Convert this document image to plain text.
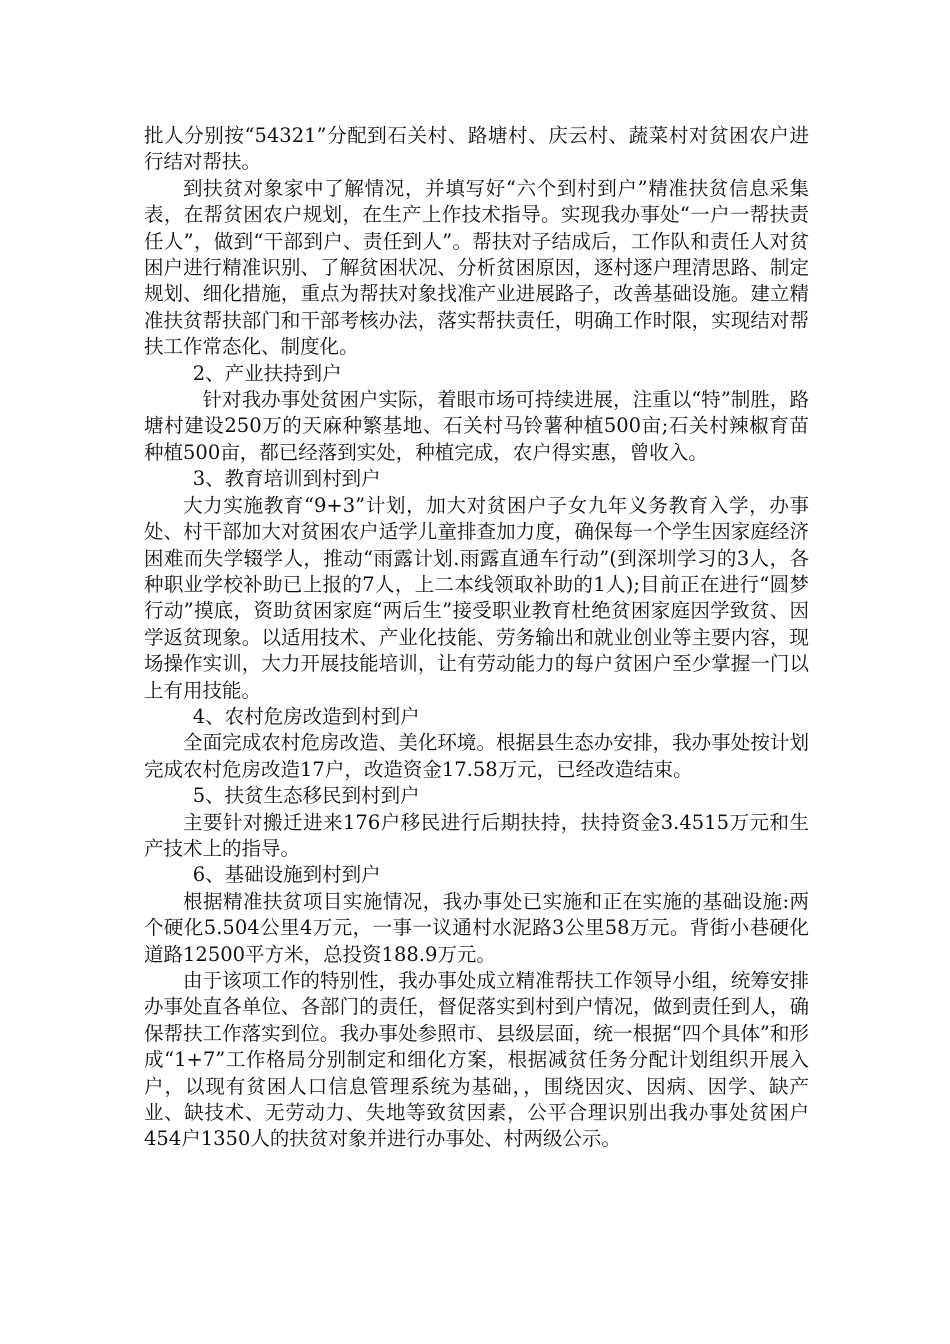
批人分别按“54321”分配到石关村、路塘村、庆云村、蔬菜村对贫困农户进行结对帮扶。

到扶贫对象家中了解情况，并填写好“六个到村到户”精准扶贫信息采集表，在帮贫困农户规划，在生产上作技术指导。实现我办事处“一户一帮扶责任人”，做到“干部到户、责任到人”。帮扶对子结成后，工作队和责任人对贫困户进行精准识别、了解贫困状况、分析贫困原因，逐村逐户理清思路、制定规划、细化措施，重点为帮扶对象找准产业进展路子，改善基础设施。建立精准扶贫帮扶部门和干部考核办法，落实帮扶责任，明确工作时限，实现结对帮扶工作常态化、制度化。

2、产业扶持到户

针对我办事处贫困户实际，着眼市场可持续进展，注重以“特”制胜，路塘村建设250万的天麻种繁基地、石关村马铃薯种植500亩;石关村辣椒育苗种植500亩，都已经落到实处，种植完成，农户得实惠，曾收入。

3、教育培训到村到户

大力实施教育“9+3”计划，加大对贫困户子女九年义务教育入学，办事处、村干部加大对贫困农户适学儿童排查加力度，确保每一个学生因家庭经济困难而失学辍学人，推动“雨露计划.雨露直通车行动”(到深圳学习的3人，各种职业学校补助已上报的7人，上二本线领取补助的1人);目前正在进行“圆梦行动”摸底，资助贫困家庭“两后生”接受职业教育杜绝贫困家庭因学致贫、因学返贫现象。以适用技术、产业化技能、劳务输出和就业创业等主要内容，现场操作实训，大力开展技能培训，让有劳动能力的每户贫困户至少掌握一门以上有用技能。

4、农村危房改造到村到户

全面完成农村危房改造、美化环境。根据县生态办安排，我办事处按计划完成农村危房改造17户，改造资金17.58万元，已经改造结束。

5、扶贫生态移民到村到户

主要针对搬迁进来176户移民进行后期扶持，扶持资金3.4515万元和生产技术上的指导。

6、基础设施到村到户

根据精准扶贫项目实施情况，我办事处已实施和正在实施的基础设施:两个硬化5.504公里4万元，一事一议通村水泥路3公里58万元。背街小巷硬化道路12500平方米，总投资188.9万元。

由于该项工作的特别性，我办事处成立精准帮扶工作领导小组，统筹安排办事处直各单位、各部门的责任，督促落实到村到户情况，做到责任到人，确保帮扶工作落实到位。我办事处参照市、县级层面，统一根据“四个具体”和形成“1+7”工作格局分别制定和细化方案，根据减贫任务分配计划组织开展入户，以现有贫困人口信息管理系统为基础，，围绕因灾、因病、因学、缺产业、缺技术、无劳动力、失地等致贫因素，公平合理识别出我办事处贫困户454户1350人的扶贫对象并进行办事处、村两级公示。
